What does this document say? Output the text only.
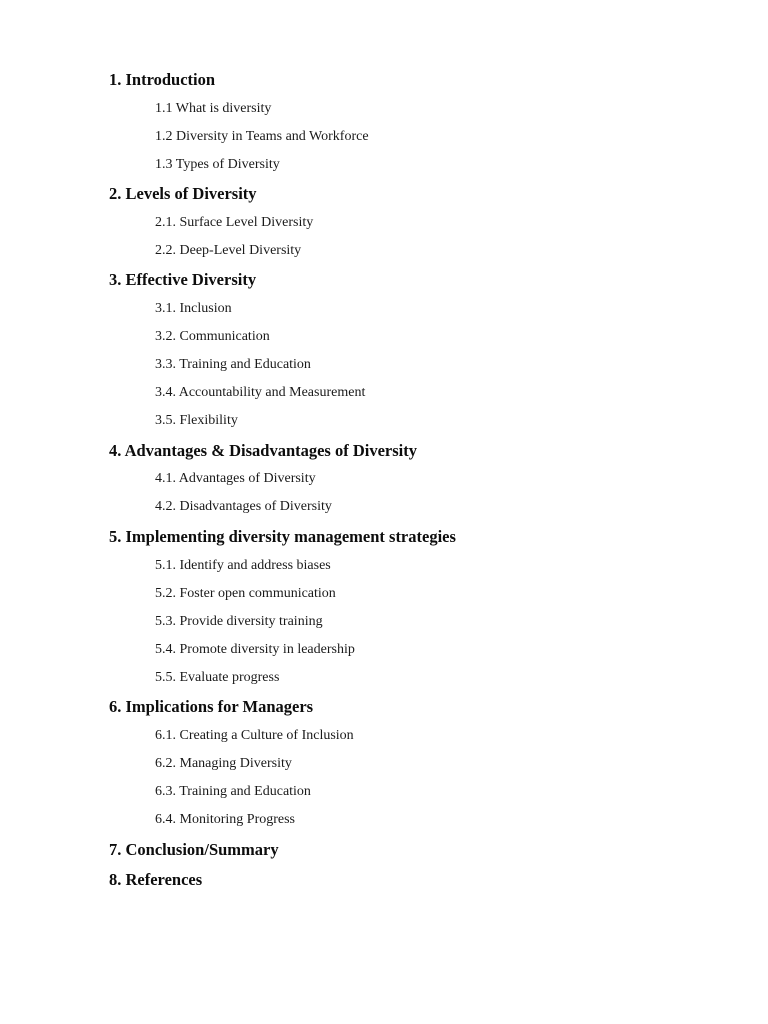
1. Introduction
1.1 What is diversity
1.2 Diversity in Teams and Workforce
1.3 Types of Diversity
2. Levels of Diversity
2.1. Surface Level Diversity
2.2. Deep-Level Diversity
3. Effective Diversity
3.1. Inclusion
3.2. Communication
3.3. Training and Education
3.4. Accountability and Measurement
3.5. Flexibility
4. Advantages & Disadvantages of Diversity
4.1. Advantages of Diversity
4.2. Disadvantages of Diversity
5. Implementing diversity management strategies
5.1. Identify and address biases
5.2. Foster open communication
5.3. Provide diversity training
5.4. Promote diversity in leadership
5.5. Evaluate progress
6. Implications for Managers
6.1. Creating a Culture of Inclusion
6.2. Managing Diversity
6.3. Training and Education
6.4. Monitoring Progress
7. Conclusion/Summary
8. References
